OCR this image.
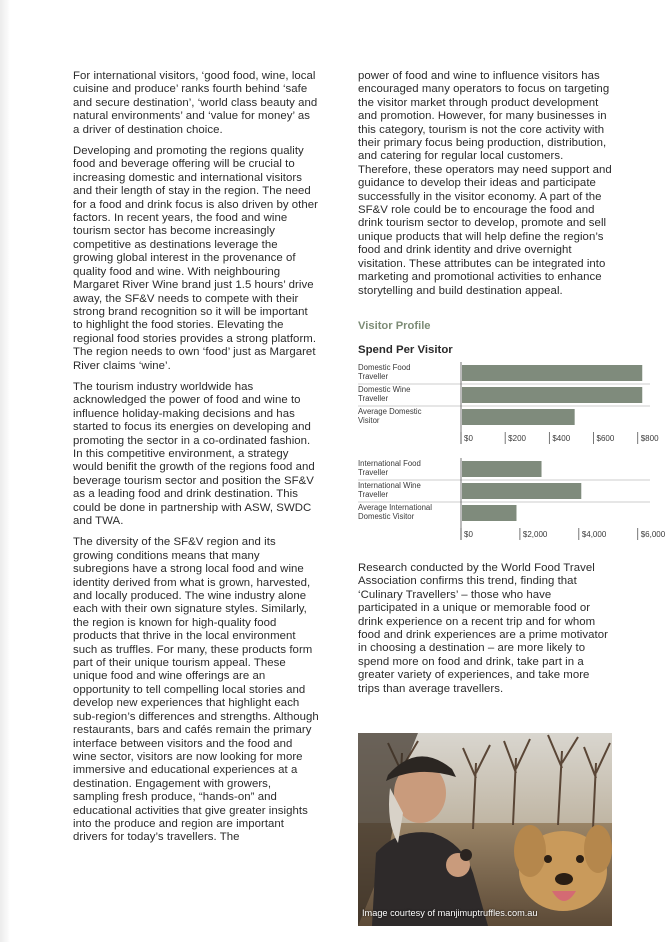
For international visitors, ‘good food, wine, local cuisine and produce’ ranks fourth behind ‘safe and secure destination’, ‘world class beauty and natural environments’ and ‘value for money’ as a driver of destination choice.

Developing and promoting the regions quality food and beverage offering will be crucial to increasing domestic and international visitors and their length of stay in the region. The need for a food and drink focus is also driven by other factors. In recent years, the food and wine tourism sector has become increasingly competitive as destinations leverage the growing global interest in the provenance of quality food and wine. With neighbouring Margaret River Wine brand just 1.5 hours’ drive away, the SF&V needs to compete with their strong brand recognition so it will be important to highlight the food stories. Elevating the regional food stories provides a strong platform. The region needs to own ‘food’ just as Margaret River claims ‘wine’.

The tourism industry worldwide has acknowledged the power of food and wine to influence holiday-making decisions and has started to focus its energies on developing and promoting the sector in a co-ordinated fashion. In this competitive environment, a strategy would benifit the growth of the regions food and beverage tourism sector and position the SF&V as a leading food and drink destination. This could be done in partnership with ASW, SWDC and TWA.

The diversity of the SF&V region and its growing conditions means that many subregions have a strong local food and wine identity derived from what is grown, harvested, and locally produced. The wine industry alone each with their own signature styles. Similarly, the region is known for high-quality food products that thrive in the local environment such as truffles. For many, these products form part of their unique tourism appeal. These unique food and wine offerings are an opportunity to tell compelling local stories and develop new experiences that highlight each sub-region’s differences and strengths. Although restaurants, bars and cafés remain the primary interface between visitors and the food and wine sector, visitors are now looking for more immersive and educational experiences at a destination. Engagement with growers, sampling fresh produce, “hands-on” and educational activities that give greater insights into the produce and region are important drivers for today’s travellers. The

power of food and wine to influence visitors has encouraged many operators to focus on targeting the visitor market through product development and promotion. However, for many businesses in this category, tourism is not the core activity with their primary focus being production, distribution, and catering for regular local customers. Therefore, these operators may need support and guidance to develop their ideas and participate successfully in the visitor economy. A part of the SF&V role could be to encourage the food and drink tourism sector to develop, promote and sell unique products that will help define the region’s food and drink identity and drive overnight visitation. These attributes can be integrated into marketing and promotional activities to enhance storytelling and build destination appeal.

Visitor Profile
Spend Per Visitor
Domestic Food Traveller
Domestic Wine Traveller
Average Domestic Visitor
$0	$200	$400	$600	$800
International Food Traveller
International Wine Traveller
Average International Domestic Visitor
$0	$2,000	$4,000	$6,000

Research conducted by the World Food Travel Association confirms this trend, finding that ‘Culinary Travellers’ – those who have participated in a unique or memorable food or drink experience on a recent trip and for whom food and drink experiences are a prime motivator in choosing a destination – are more likely to spend more on food and drink, take part in a greater variety of experiences, and take more trips than average travellers.

Image courtesy of manjimuptruffles.com.au
